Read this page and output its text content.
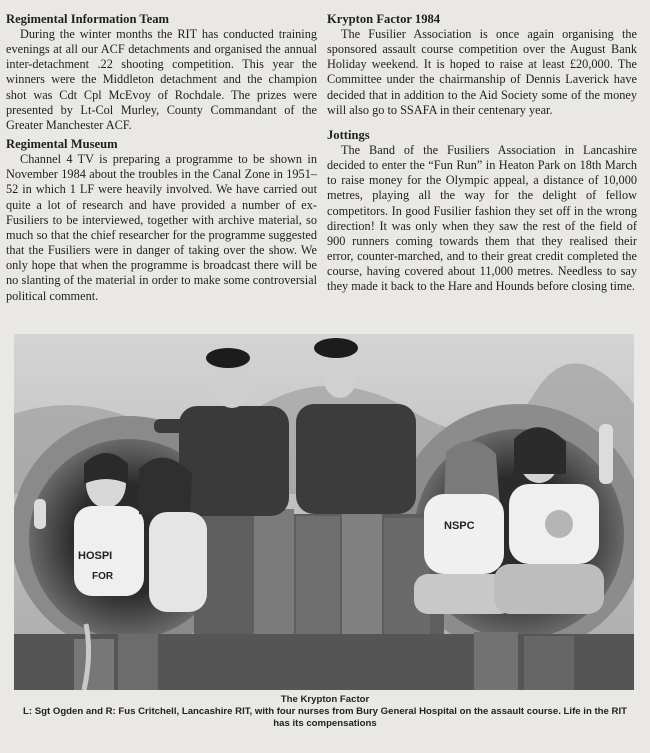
Regimental Information Team

During the winter months the RIT has conducted training evenings at all our ACF detachments and organised the annual inter-detachment .22 shooting competition. This year the winners were the Middleton detachment and the champion shot was Cdt Cpl McEvoy of Rochdale. The prizes were presented by Lt-Col Murley, County Commandant of the Greater Manchester ACF.

Regimental Museum

Channel 4 TV is preparing a programme to be shown in November 1984 about the troubles in the Canal Zone in 1951–52 in which 1 LF were heavily involved. We have carried out quite a lot of research and have provided a number of ex-Fusiliers to be interviewed, together with archive material, so much so that the chief researcher for the programme suggested that the Fusiliers were in danger of taking over the show. We only hope that when the programme is broadcast there will be no slanting of the material in order to make some controversial political comment.

Krypton Factor 1984

The Fusilier Association is once again organising the sponsored assault course competition over the August Bank Holiday weekend. It is hoped to raise at least £20,000. The Committee under the chairmanship of Dennis Laverick have decided that in addition to the Aid Society some of the money will also go to SSAFA in their centenary year.

Jottings

The Band of the Fusiliers Association in Lancashire decided to enter the “Fun Run” in Heaton Park on 18th March to raise money for the Olympic appeal, a distance of 10,000 metres, playing all the way for the delight of fellow competitors. In good Fusilier fashion they set off in the wrong direction! It was only when they saw the rest of the field of 900 runners coming towards them that they realised their error, counter-marched, and to their great credit completed the course, having covered about 11,000 metres. Needless to say they made it back to the Hare and Hounds before closing time.

HOSPI
FOR
NSPC
The Krypton Factor
L: Sgt Ogden and R: Fus Critchell, Lancashire RIT, with four nurses from Bury General Hospital on the assault course. Life in the RIT has its compensations
